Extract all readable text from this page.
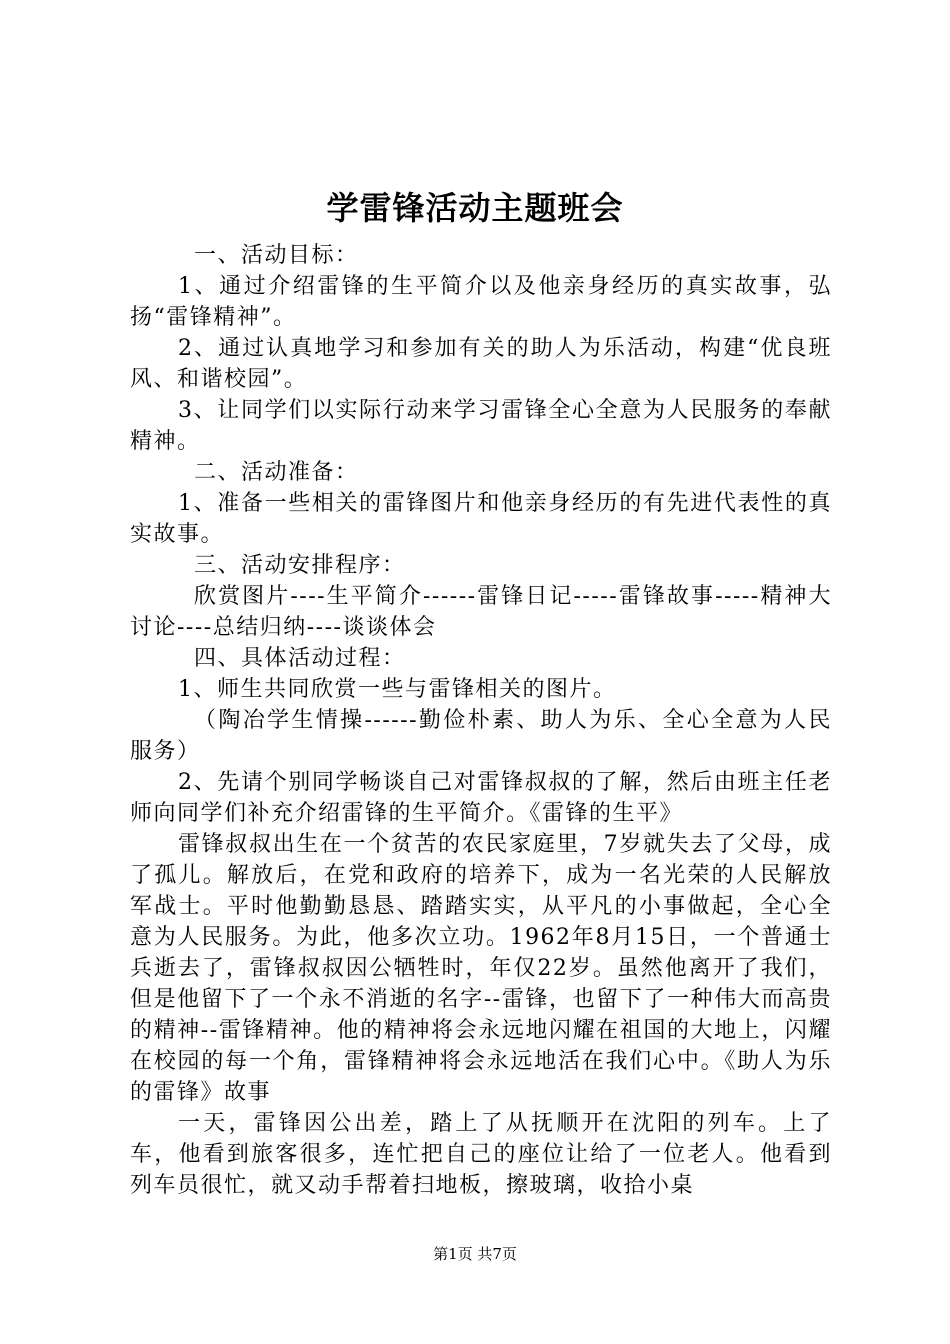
学雷锋活动主题班会

一、活动目标：

1、通过介绍雷锋的生平简介以及他亲身经历的真实故事，弘扬“雷锋精神”。

2、通过认真地学习和参加有关的助人为乐活动，构建“优良班风、和谐校园”。

3、让同学们以实际行动来学习雷锋全心全意为人民服务的奉献精神。

二、活动准备：

1、准备一些相关的雷锋图片和他亲身经历的有先进代表性的真实故事。

三、活动安排程序：

欣赏图片----生平简介------雷锋日记-----雷锋故事-----精神大讨论----总结归纳----谈谈体会

四、具体活动过程：

1、师生共同欣赏一些与雷锋相关的图片。

（陶冶学生情操------勤俭朴素、助人为乐、全心全意为人民服务）

2、先请个别同学畅谈自己对雷锋叔叔的了解，然后由班主任老师向同学们补充介绍雷锋的生平简介。《雷锋的生平》

雷锋叔叔出生在一个贫苦的农民家庭里，7岁就失去了父母，成了孤儿。解放后，在党和政府的培养下，成为一名光荣的人民解放军战士。平时他勤勤恳恳、踏踏实实，从平凡的小事做起，全心全意为人民服务。为此，他多次立功。1962年8月15日，一个普通士兵逝去了，雷锋叔叔因公牺牲时，年仅22岁。虽然他离开了我们，但是他留下了一个永不消逝的名字--雷锋，也留下了一种伟大而高贵的精神--雷锋精神。他的精神将会永远地闪耀在祖国的大地上，闪耀在校园的每一个角，雷锋精神将会永远地活在我们心中。《助人为乐的雷锋》故事

一天，雷锋因公出差，踏上了从抚顺开在沈阳的列车。上了车，他看到旅客很多，连忙把自己的座位让给了一位老人。他看到列车员很忙，就又动手帮着扫地板，擦玻璃，收拾小桌

第1页 共7页
